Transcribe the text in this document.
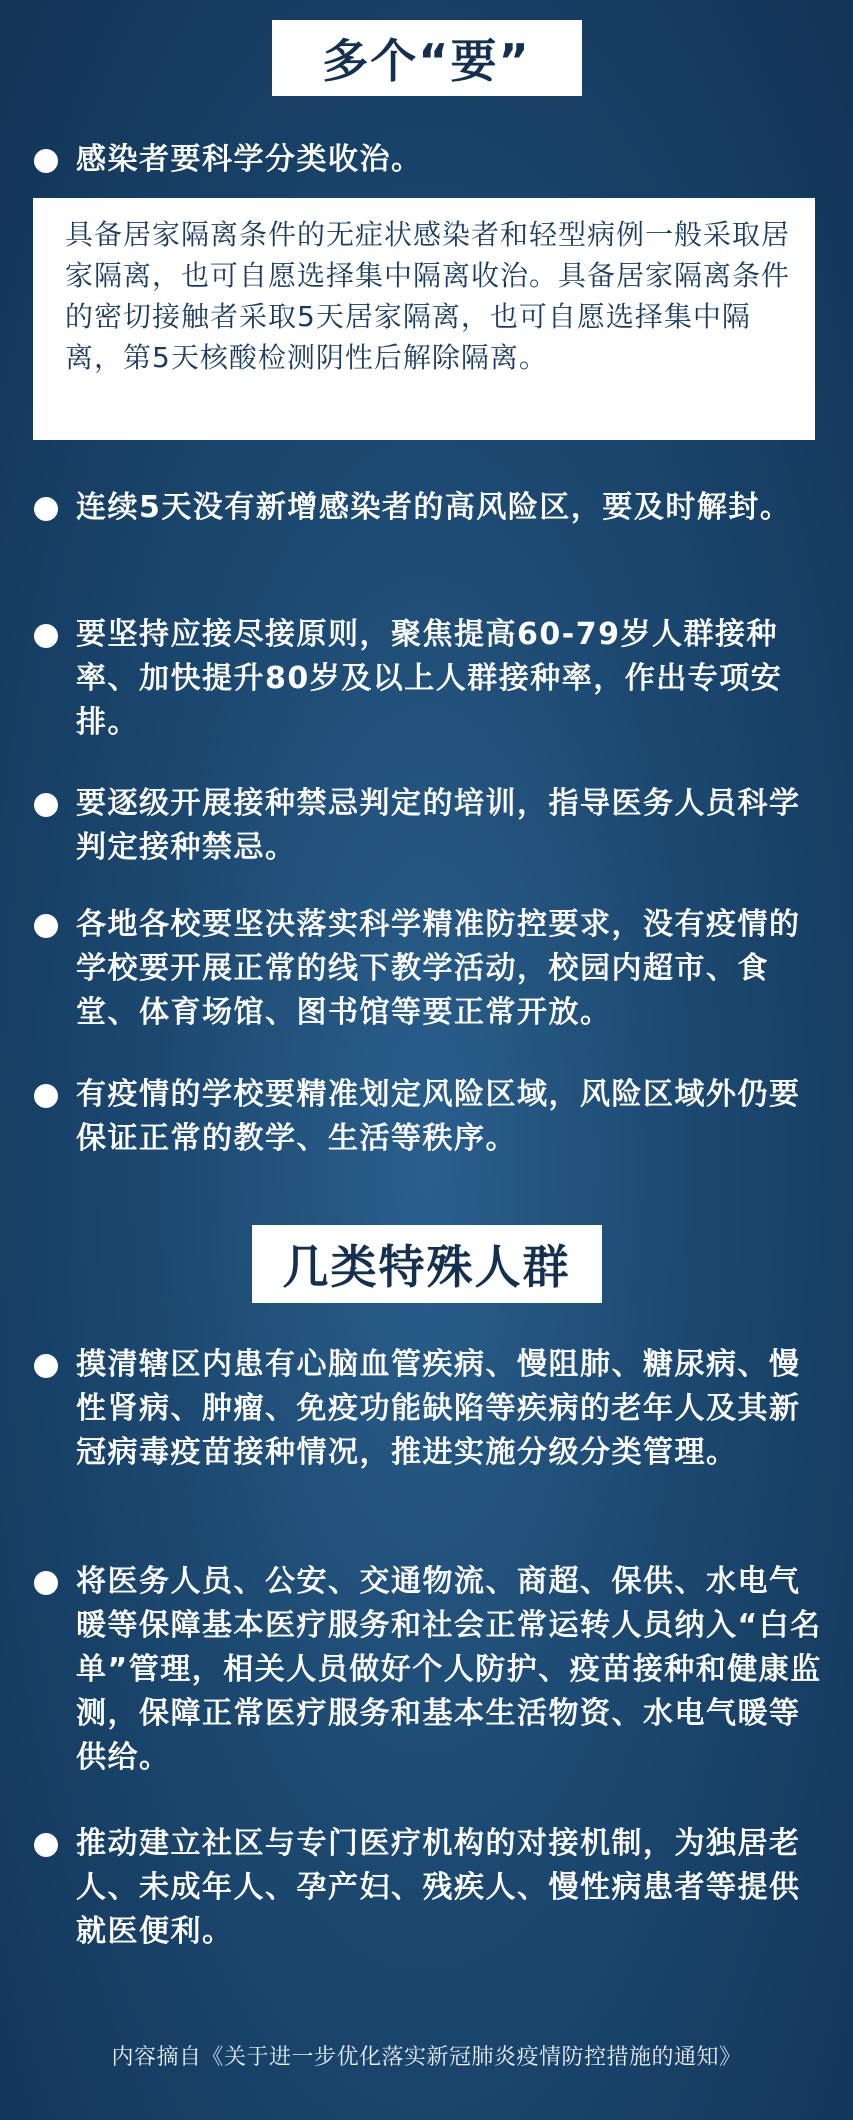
多个“要”
感染者要科学分类收治。
具备居家隔离条件的无症状感染者和轻型病例一般采取居家隔离，也可自愿选择集中隔离收治。具备居家隔离条件的密切接触者采取5天居家隔离，也可自愿选择集中隔离，第5天核酸检测阴性后解除隔离。
连续5天没有新增感染者的高风险区，要及时解封。
要坚持应接尽接原则，聚焦提高60-79岁人群接种率、加快提升80岁及以上人群接种率，作出专项安排。
要逐级开展接种禁忌判定的培训，指导医务人员科学判定接种禁忌。
各地各校要坚决落实科学精准防控要求，没有疫情的学校要开展正常的线下教学活动，校园内超市、食堂、体育场馆、图书馆等要正常开放。
有疫情的学校要精准划定风险区域，风险区域外仍要保证正常的教学、生活等秩序。
几类特殊人群
摸清辖区内患有心脑血管疾病、慢阻肺、糖尿病、慢性肾病、肿瘤、免疫功能缺陷等疾病的老年人及其新冠病毒疫苗接种情况，推进实施分级分类管理。
将医务人员、公安、交通物流、商超、保供、水电气暖等保障基本医疗服务和社会正常运转人员纳入“白名单”管理，相关人员做好个人防护、疫苗接种和健康监测，保障正常医疗服务和基本生活物资、水电气暖等供给。
推动建立社区与专门医疗机构的对接机制，为独居老人、未成年人、孕产妇、残疾人、慢性病患者等提供就医便利。
内容摘自《关于进一步优化落实新冠肺炎疫情防控措施的通知》
